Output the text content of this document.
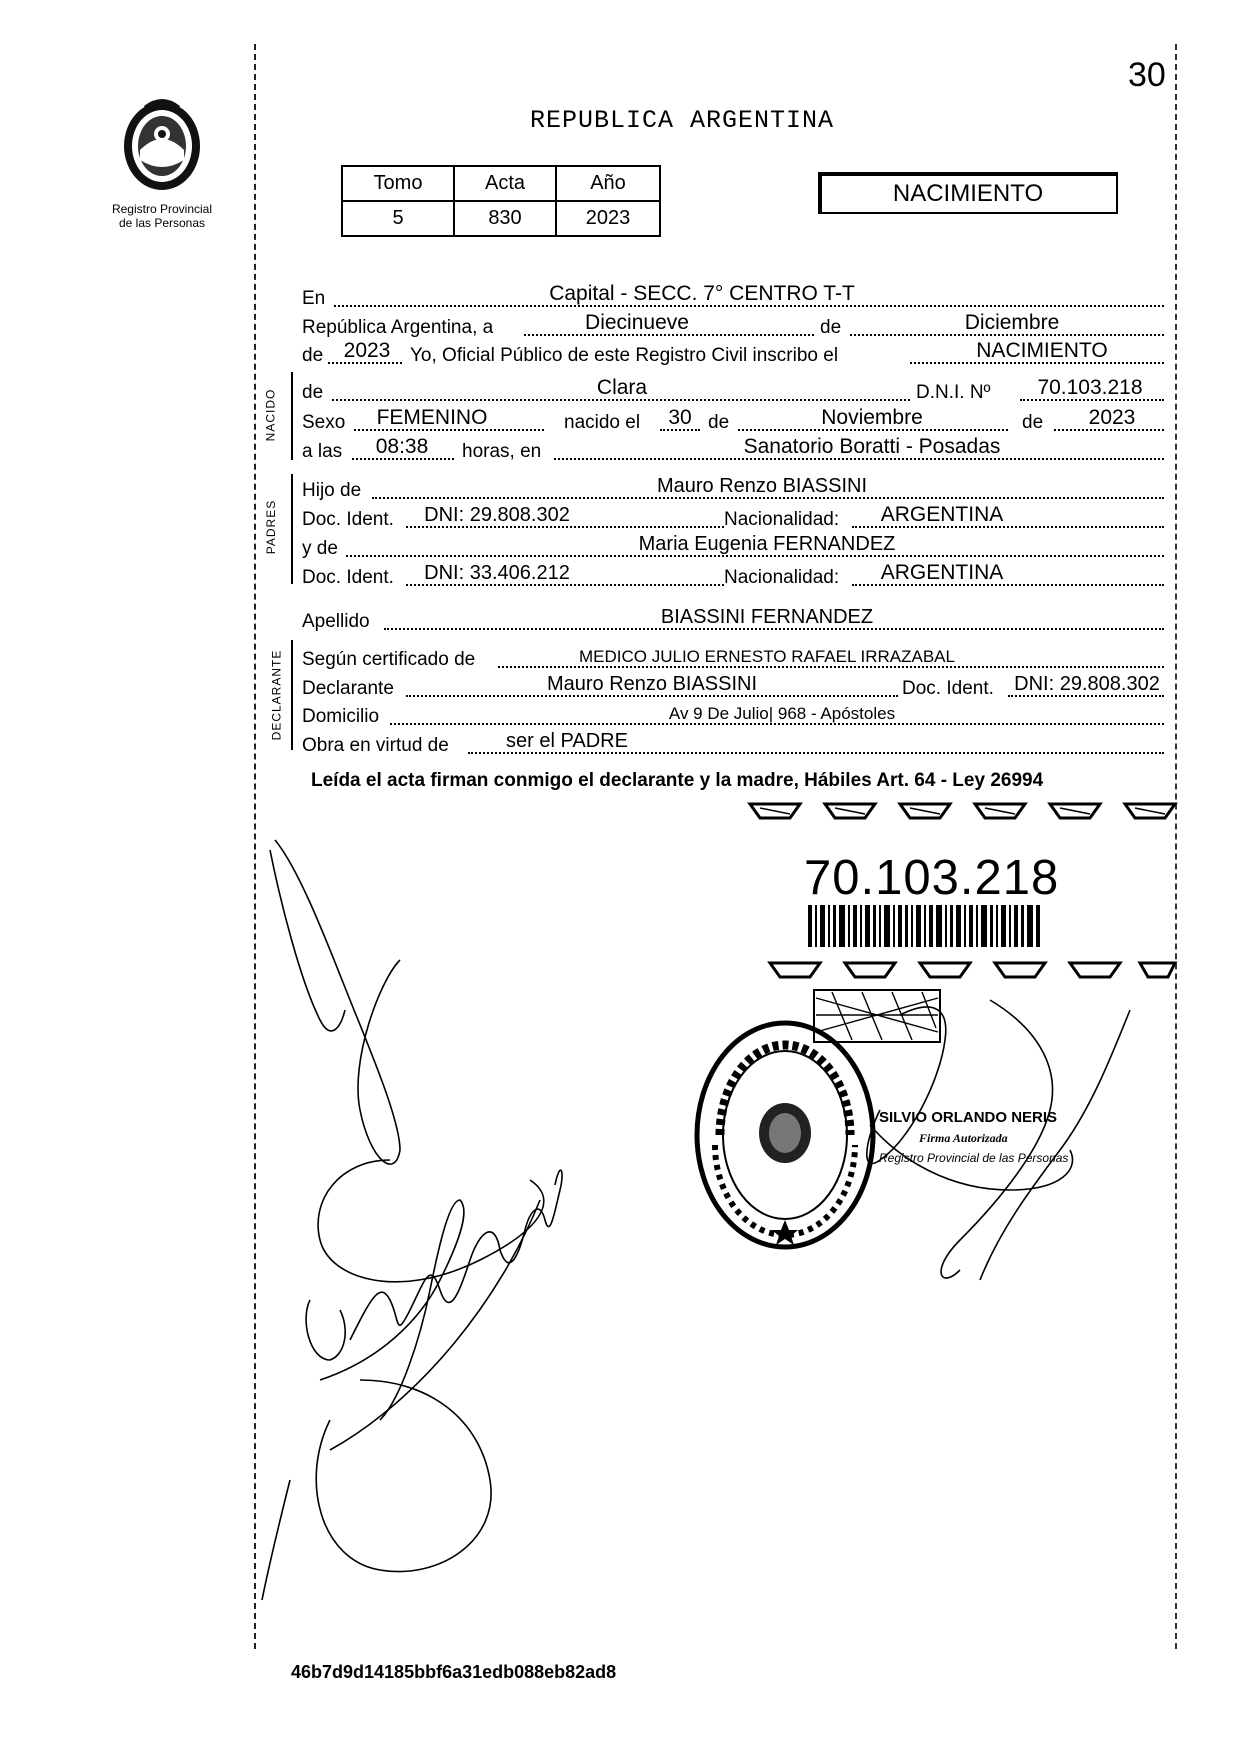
30
REPUBLICA ARGENTINA
Registro Provincial
de las Personas
Tomo	Acta	Año
5	830	2023
NACIMIENTO
NACIDO
PADRES
DECLARANTE
En	Capital - SECC. 7° CENTRO T-T
República Argentina, a	Diecinueve	de	Diciembre
de 2023	Yo, Oficial Público de este Registro Civil inscribo el	NACIMIENTO
de	Clara	D.N.I. Nº	70.103.218
Sexo	FEMENINO	nacido el	30 de	Noviembre	de	2023
a las	08:38	horas, en	Sanatorio Boratti - Posadas
Hijo de	Mauro Renzo BIASSINI
Doc. Ident.	DNI: 29.808.302	Nacionalidad:	ARGENTINA
y de	Maria Eugenia FERNANDEZ
Doc. Ident.	DNI: 33.406.212	Nacionalidad:	ARGENTINA
Apellido	BIASSINI FERNANDEZ
Según certificado de	MEDICO JULIO ERNESTO RAFAEL IRRAZABAL
Declarante	Mauro Renzo BIASSINI	Doc. Ident. DNI: 29.808.302
Domicilio	Av 9 De Julio| 968 - Apóstoles
Obra en virtud de	ser el PADRE
Leída el acta firman conmigo el declarante y la madre, Hábiles Art. 64 - Ley 26994
70.103.218
SILVIO ORLANDO NERIS
Firma Autorizada
Registro Provincial de las Personas
46b7d9d14185bbf6a31edb088eb82ad8
